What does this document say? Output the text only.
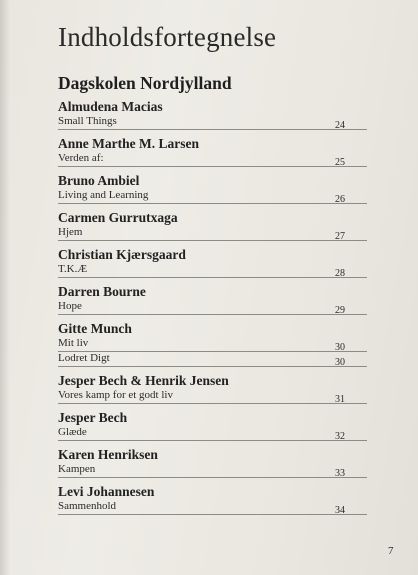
Indholdsfortegnelse
Dagskolen Nordjylland
Almudena Macias
Small Things	24
Anne Marthe M. Larsen
Verden af:	25
Bruno Ambiel
Living and Learning	26
Carmen Gurrutxaga
Hjem	27
Christian Kjærsgaard
T.K.Æ	28
Darren Bourne
Hope	29
Gitte Munch
Mit liv	30
Lodret Digt	30
Jesper Bech & Henrik Jensen
Vores kamp for et godt liv	31
Jesper Bech
Glæde	32
Karen Henriksen
Kampen	33
Levi Johannesen
Sammenhold	34
7
